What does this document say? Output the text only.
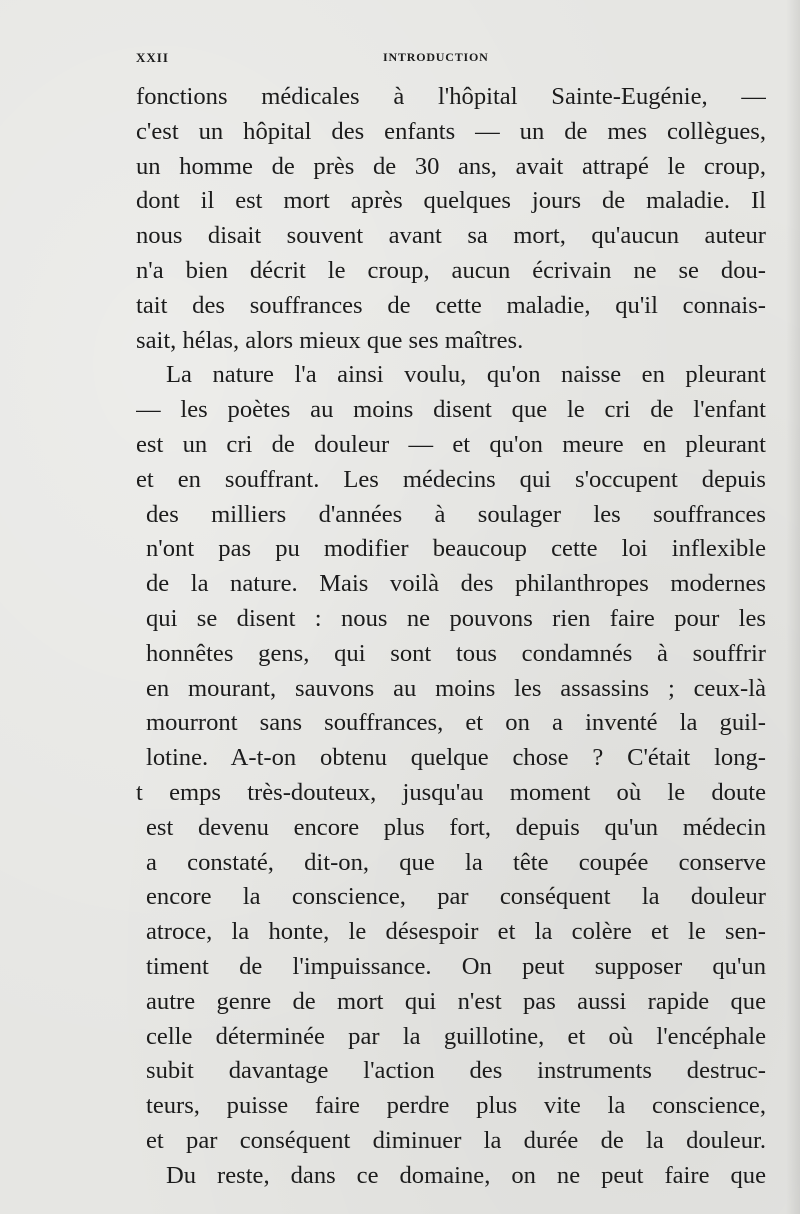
XXII	INTRODUCTION
fonctions médicales à l'hôpital Sainte-Eugénie, —
c'est un hôpital des enfants — un de mes collègues,
un homme de près de 30 ans, avait attrapé le croup,
dont il est mort après quelques jours de maladie. Il
nous disait souvent avant sa mort, qu'aucun auteur
n'a bien décrit le croup, aucun écrivain ne se dou-
tait des souffrances de cette maladie, qu'il connais-
sait, hélas, alors mieux que ses maîtres.
La nature l'a ainsi voulu, qu'on naisse en pleurant
— les poètes au moins disent que le cri de l'enfant
est un cri de douleur — et qu'on meure en pleurant
et en souffrant. Les médecins qui s'occupent depuis
des milliers d'années à soulager les souffrances
n'ont pas pu modifier beaucoup cette loi inflexible
de la nature. Mais voilà des philanthropes modernes
qui se disent : nous ne pouvons rien faire pour les
honnêtes gens, qui sont tous condamnés à souffrir
en mourant, sauvons au moins les assassins ; ceux-là
mourront sans souffrances, et on a inventé la guil-
lotine. A-t-on obtenu quelque chose ? C'était long-
t emps très-douteux, jusqu'au moment où le doute
est devenu encore plus fort, depuis qu'un médecin
a constaté, dit-on, que la tête coupée conserve
encore la conscience, par conséquent la douleur
atroce, la honte, le désespoir et la colère et le sen-
timent de l'impuissance. On peut supposer qu'un
autre genre de mort qui n'est pas aussi rapide que
celle déterminée par la guillotine, et où l'encéphale
subit davantage l'action des instruments destruc-
teurs, puisse faire perdre plus vite la conscience,
et par conséquent diminuer la durée de la douleur.
Du reste, dans ce domaine, on ne peut faire que
